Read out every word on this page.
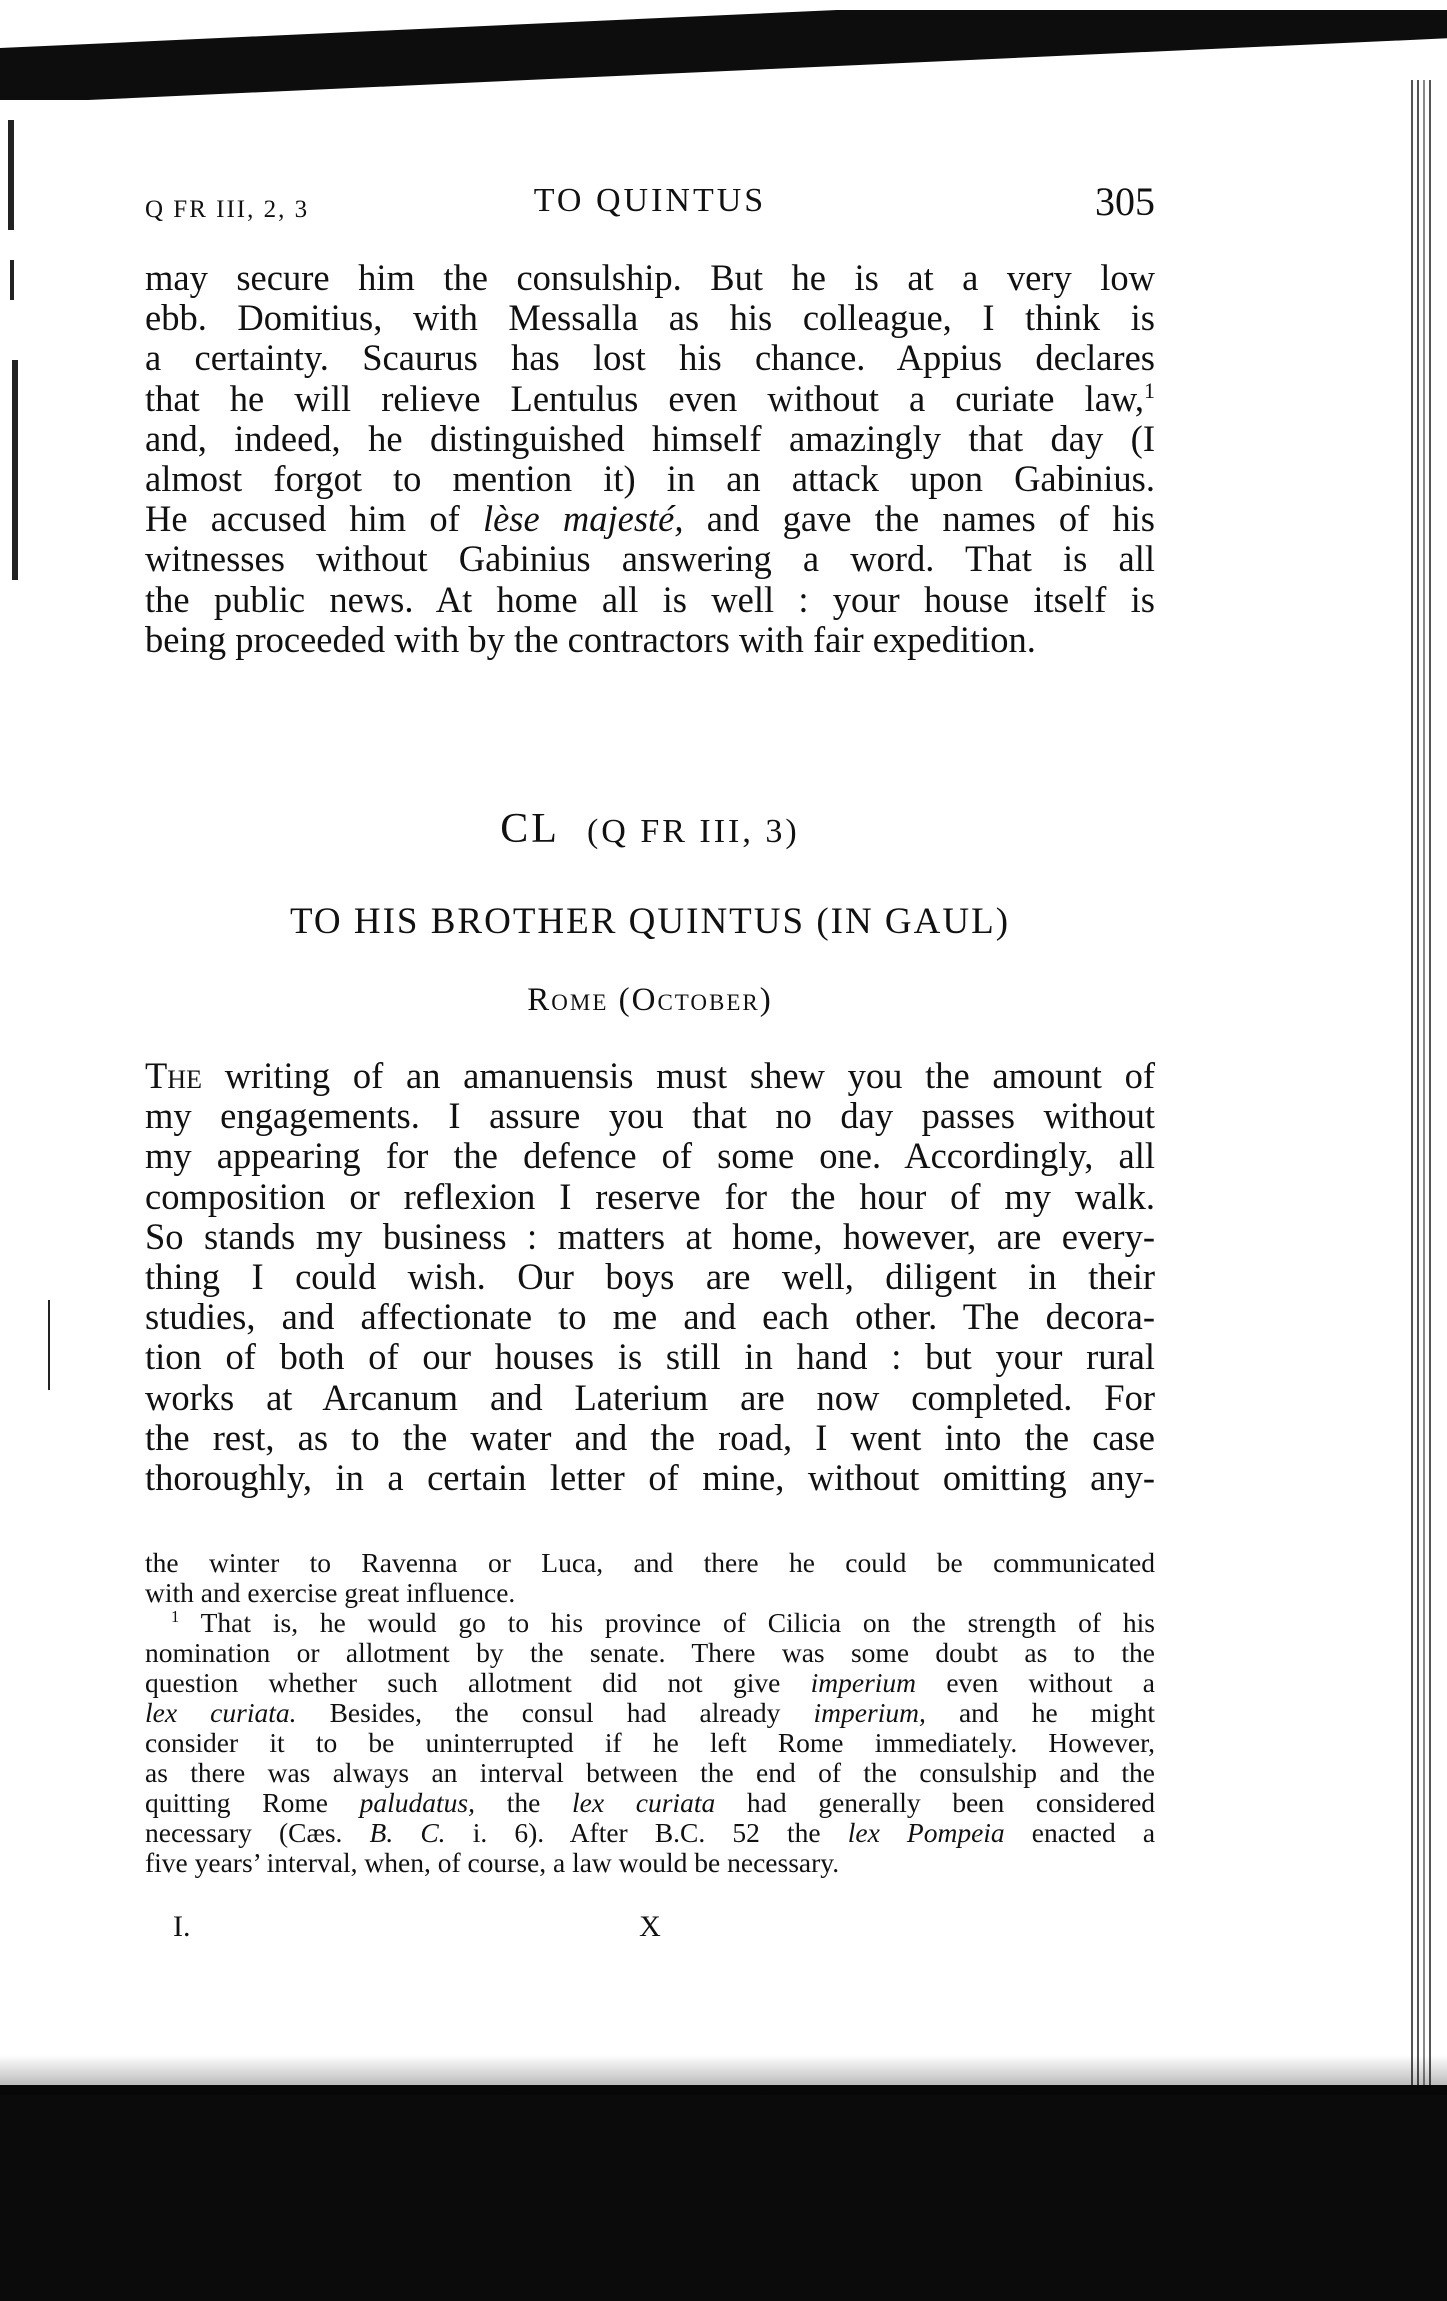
Q FR III, 2, 3	TO QUINTUS	305
may secure him the consulship. But he is at a very low
ebb. Domitius, with Messalla as his colleague, I think is
a certainty. Scaurus has lost his chance. Appius declares
that he will relieve Lentulus even without a curiate law,$^1$
and, indeed, he distinguished himself amazingly that day (I
almost forgot to mention it) in an attack upon Gabinius.
He accused him of lèse majesté, and gave the names of his
witnesses without Gabinius answering a word. That is all
the public news. At home all is well : your house itself is
being proceeded with by the contractors with fair expedition.
CL (Q FR III, 3)
TO HIS BROTHER QUINTUS (IN GAUL)
Rome (October)
The writing of an amanuensis must shew you the amount of
my engagements. I assure you that no day passes without
my appearing for the defence of some one. Accordingly, all
composition or reflexion I reserve for the hour of my walk.
So stands my business : matters at home, however, are every-
thing I could wish. Our boys are well, diligent in their
studies, and affectionate to me and each other. The decora-
tion of both of our houses is still in hand : but your rural
works at Arcanum and Laterium are now completed. For
the rest, as to the water and the road, I went into the case
thoroughly, in a certain letter of mine, without omitting any-
the winter to Ravenna or Luca, and there he could be communicated
with and exercise great influence.
$^1$ That is, he would go to his province of Cilicia on the strength of his
nomination or allotment by the senate. There was some doubt as to the
question whether such allotment did not give imperium even without a
lex curiata. Besides, the consul had already imperium, and he might
consider it to be uninterrupted if he left Rome immediately. However,
as there was always an interval between the end of the consulship and the
quitting Rome paludatus, the lex curiata had generally been considered
necessary (Cæs. B. C. i. 6). After B.C. 52 the lex Pompeia enacted a
five years’ interval, when, of course, a law would be necessary.
I.	X
